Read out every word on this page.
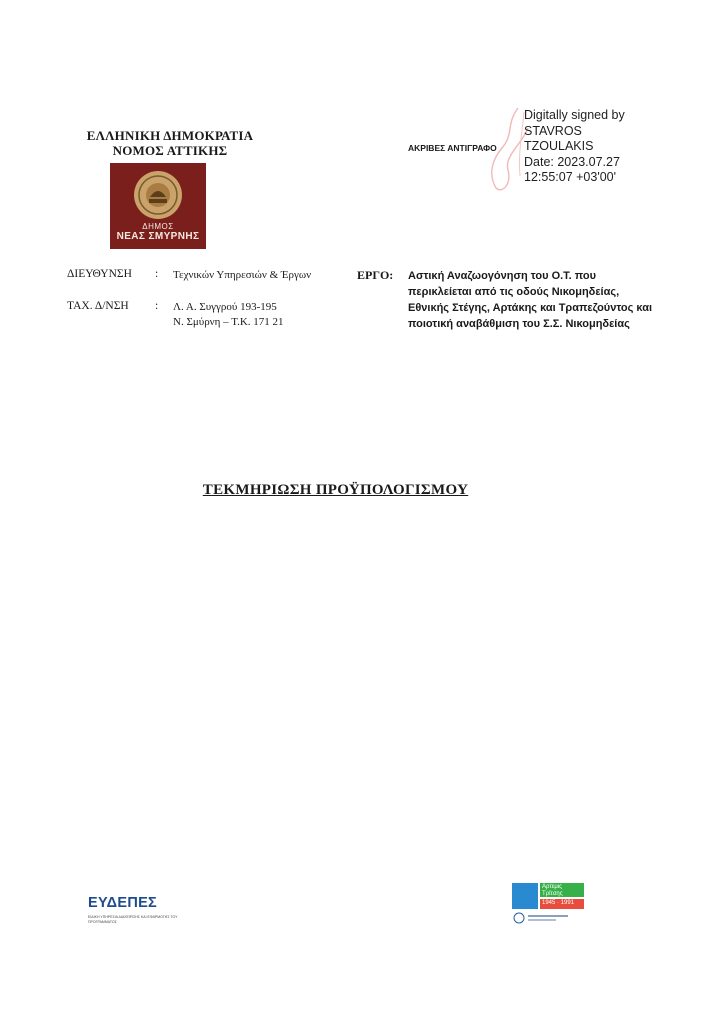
ΕΛΛΗΝΙΚΗ ΔΗΜΟΚΡΑΤΙΑ
ΝΟΜΟΣ ΑΤΤΙΚΗΣ
ΔΗΜΟΣ
ΝΕΑΣ ΣΜΥΡΝΗΣ
ΑΚΡΙΒΕΣ ΑΝΤΙΓΡΑΦΟ
Digitally signed by
STAVROS
TZOULAKIS
Date: 2023.07.27
12:55:07 +03'00'
ΔΙΕΥΘΥΝΣΗ : Τεχνικών Υπηρεσιών & Έργων
ΤΑΧ. Δ/ΝΣΗ : Λ. Α. Συγγρού 193-195
Ν. Σμύρνη – Τ.Κ. 171 21
ΕΡΓΟ: Αστική Αναζωογόνηση του Ο.Τ. που
περικλείεται από τις οδούς Νικομηδείας,
Εθνικής Στέγης, Αρτάκης και Τραπεζούντος και
ποιοτική αναβάθμιση του Σ.Σ. Νικομηδείας
ΤΕΚΜΗΡΙΩΣΗ ΠΡΟΫΠΟΛΟΓΙΣΜΟΥ
ΕΥΔΕΠΕΣ
ΕΙΔΙΚΗ ΥΠΗΡΕΣΙΑ ΔΙΑΧΕΙΡΙΣΗΣ ΚΑΙ ΕΦΑΡΜΟΓΗΣ ΤΟΥ ΠΡΟΓΡΑΜΜΑΤΟΣ
Αρτεμις Τρίτσης
1945 · 1991
